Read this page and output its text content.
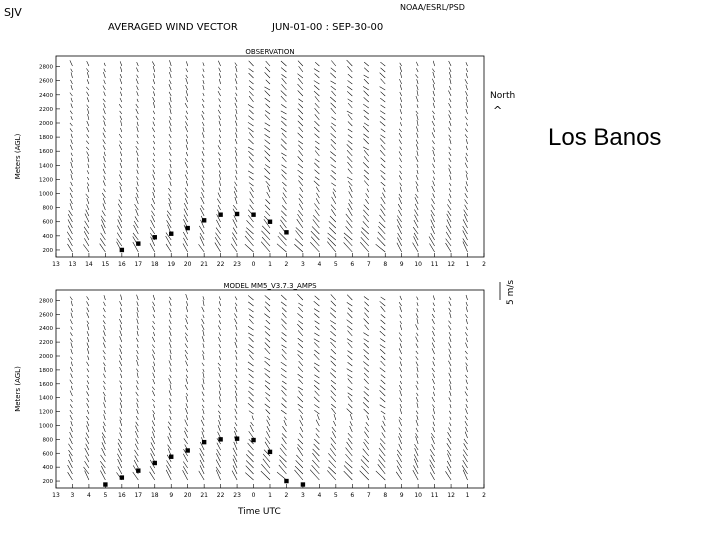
Los Banos
SJV
AVERAGED WIND VECTOR
NOAA/ESRL/PSD
JUN-01-00 : SEP-30-00
North
^
5 m/s
Time UTC
OBSERVATION
Meters (AGL)
200
400
600
800
1000
1200
1400
1600
1800
2000
2200
2400
2600
2800
13 13 14 15 16 17 18 19 20 21 22 23 0 1 2 3 4 5 6 7 8 9 10 11 12 1 2
MODEL MM5_V3.7.3_AMPS
Meters (AGL)
200
400
600
800
1000
1200
1400
1600
1800
2000
2200
2400
2600
2800
13 3 4 5 16 17 18 9 20 21 22 23 0 1 2 3 4 5 6 7 8 9 10 11 12 1 2
